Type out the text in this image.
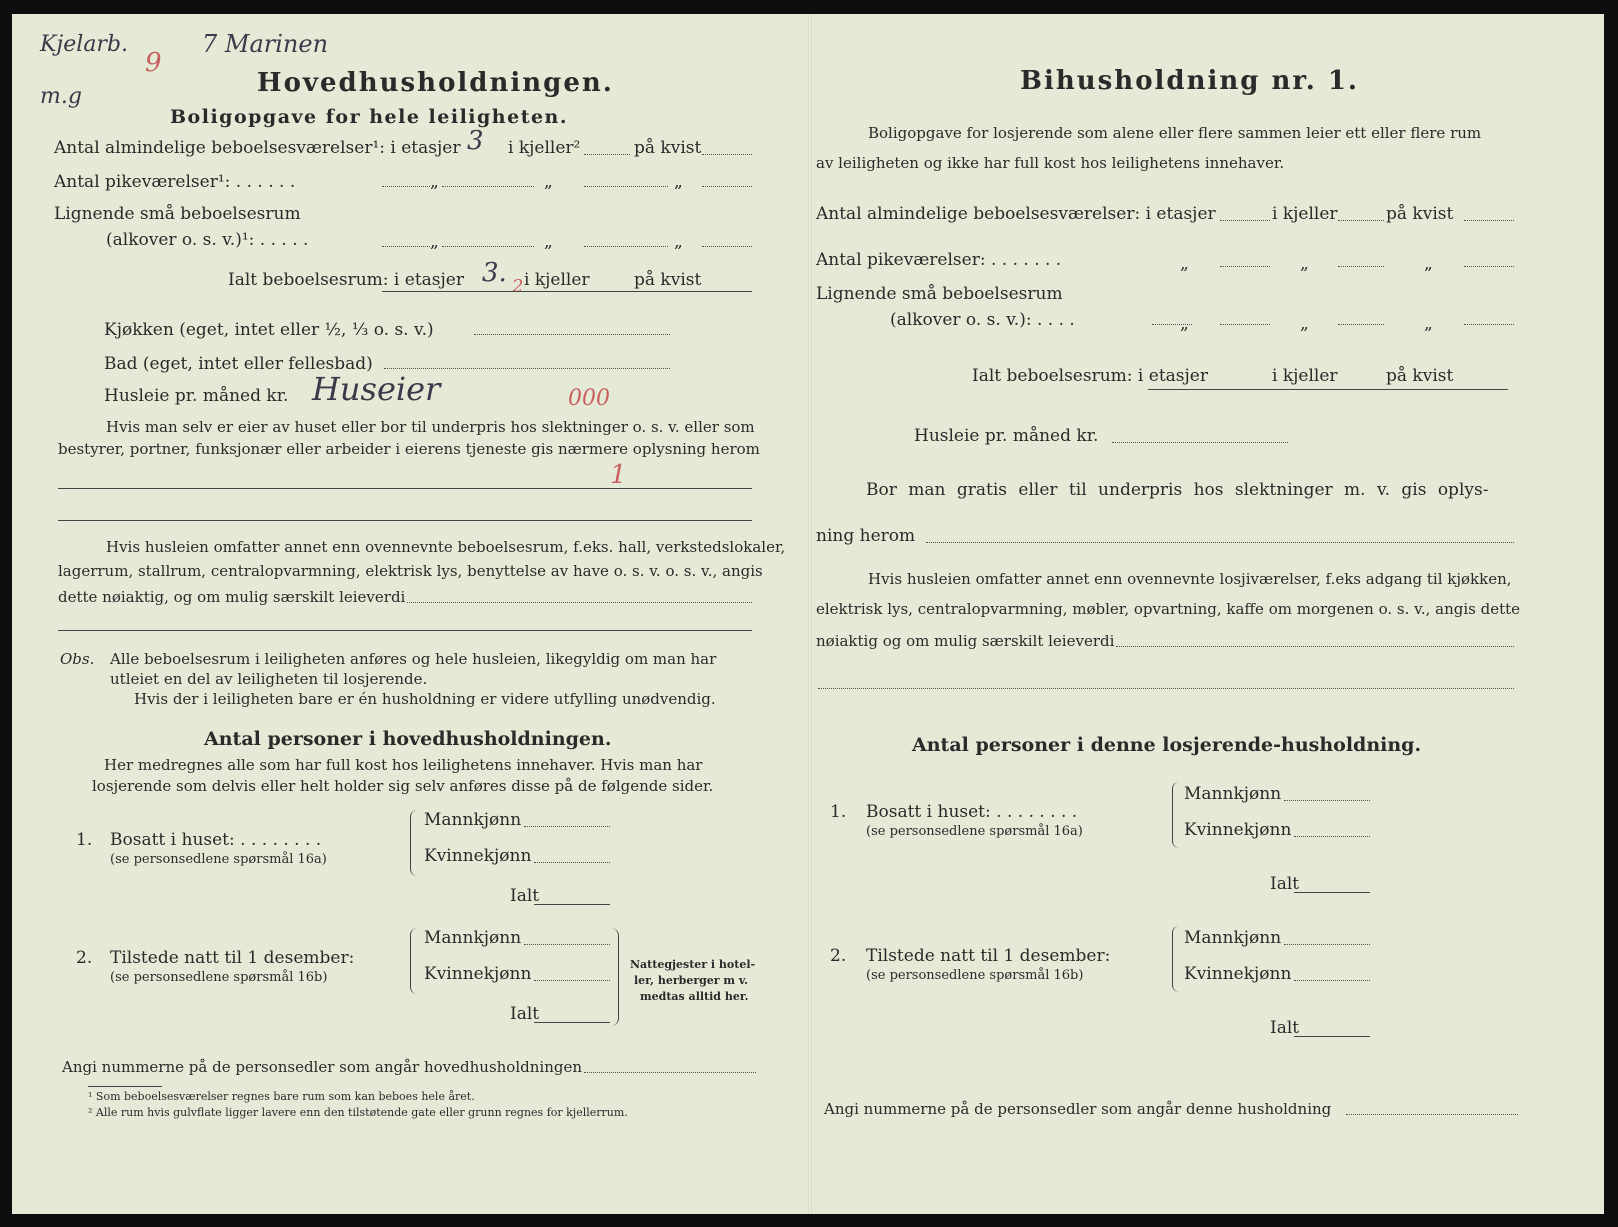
Kjelarb.
9
7 Marinen
m.g	Hovedhusholdningen.
Boligopgave for hele leiligheten.
Antal almindelige beboelsesværelser¹: i etasjer 3 i kjeller²	på kvist
Antal pikeværelser¹: . . . . . .	„	„	„
Lignende små beboelsesrum
(alkover o. s. v.)¹: . . . . .	„	„	„
Ialt beboelsesrum: i etasjer 3. 2 i kjeller	på kvist
Kjøkken (eget, intet eller ½, ⅓ o. s. v.)
Bad (eget, intet eller fellesbad)
Husleie pr. måned kr. Huseier	000
Hvis man selv er eier av huset eller bor til underpris hos slektninger o. s. v. eller som
bestyrer, portner, funksjonær eller arbeider i eierens tjeneste gis nærmere oplysning herom
1
Hvis husleien omfatter annet enn ovennevnte beboelsesrum, f.eks. hall, verkstedslokaler,
lagerrum, stallrum, centralopvarmning, elektrisk lys, benyttelse av have o. s. v. o. s. v., angis
dette nøiaktig, og om mulig særskilt leieverdi
Obs. Alle beboelsesrum i leiligheten anføres og hele husleien, likegyldig om man har
utleiet en del av leiligheten til losjerende.
Hvis der i leiligheten bare er én husholdning er videre utfylling unødvendig.
Antal personer i hovedhusholdningen.
Her medregnes alle som har full kost hos leilighetens innehaver. Hvis man har
losjerende som delvis eller helt holder sig selv anføres disse på de følgende sider.
1. Bosatt i huset: . . . . . . . .
(se personsedlene spørsmål 16a)
Mannkjønn
Kvinnekjønn
Ialt
2. Tilstede natt til 1 desember:
(se personsedlene spørsmål 16b)
Mannkjønn
Kvinnekjønn
Ialt
Nattegjester i hotel-
ler, herberger m v.
medtas alltid her.
Angi nummerne på de personsedler som angår hovedhusholdningen
¹ Som beboelsesværelser regnes bare rum som kan beboes hele året.
² Alle rum hvis gulvflate ligger lavere enn den tilstøtende gate eller grunn regnes for kjellerrum.
Bihusholdning nr. 1.
Boligopgave for losjerende som alene eller flere sammen leier ett eller flere rum
av leiligheten og ikke har full kost hos leilighetens innehaver.
Antal almindelige beboelsesværelser: i etasjer	i kjeller	på kvist
Antal pikeværelser: . . . . . . .	„	„	„
Lignende små beboelsesrum
(alkover o. s. v.): . . . .	„	„	„
Ialt beboelsesrum: i etasjer	i kjeller	på kvist
Husleie pr. måned kr.
Bor man gratis eller til underpris hos slektninger m. v. gis oplys-
ning herom
Hvis husleien omfatter annet enn ovennevnte losjiværelser, f.eks adgang til kjøkken,
elektrisk lys, centralopvarmning, møbler, opvartning, kaffe om morgenen o. s. v., angis dette
nøiaktig og om mulig særskilt leieverdi
Antal personer i denne losjerende-husholdning.
1. Bosatt i huset: . . . . . . . .
(se personsedlene spørsmål 16a)
Mannkjønn
Kvinnekjønn
Ialt
2. Tilstede natt til 1 desember:
(se personsedlene spørsmål 16b)
Mannkjønn
Kvinnekjønn
Ialt
Angi nummerne på de personsedler som angår denne husholdning
